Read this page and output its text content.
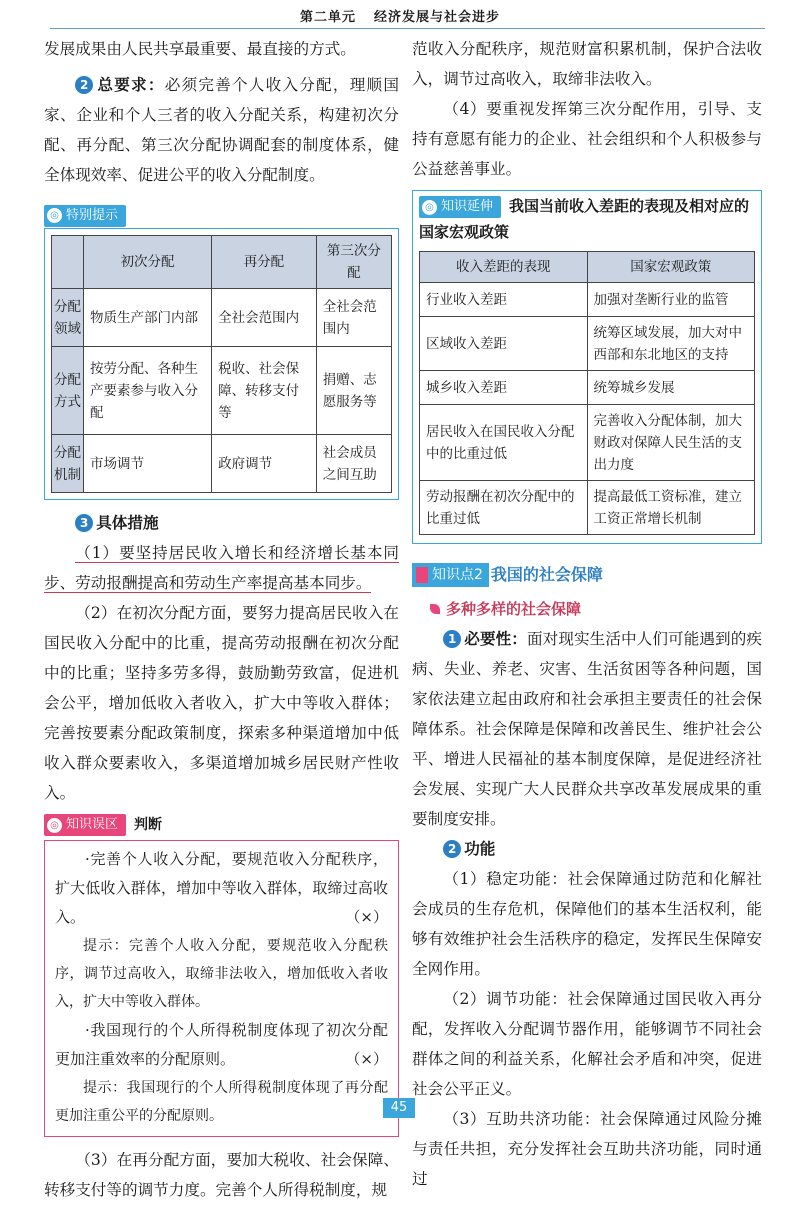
第二单元 经济发展与社会进步

发展成果由人民共享最重要、最直接的方式。

2 总要求：必须完善个人收入分配，理顺国家、企业和个人三者的收入分配关系，构建初次分配、再分配、第三次分配协调配套的制度体系，健全体现效率、促进公平的收入分配制度。

◎ 特别提示
	初次分配	再分配	第三次分配
分配领域	物质生产部门内部	全社会范围内	全社会范围内
分配方式	按劳分配、各种生产要素参与收入分配	税收、社会保障、转移支付等	捐赠、志愿服务等
分配机制	市场调节	政府调节	社会成员之间互助

3 具体措施

（1）要坚持居民收入增长和经济增长基本同步、劳动报酬提高和劳动生产率提高基本同步。

（2）在初次分配方面，要努力提高居民收入在国民收入分配中的比重，提高劳动报酬在初次分配中的比重；坚持多劳多得，鼓励勤劳致富，促进机会公平，增加低收入者收入，扩大中等收入群体；完善按要素分配政策制度，探索多种渠道增加中低收入群众要素收入，多渠道增加城乡居民财产性收入。

◎ 知识误区 判断

·完善个人收入分配，要规范收入分配秩序，扩大低收入群体，增加中等收入群体，取缔过高收入。	（×）

提示：完善个人收入分配，要规范收入分配秩序，调节过高收入，取缔非法收入，增加低收入者收入，扩大中等收入群体。

·我国现行的个人所得税制度体现了初次分配更加注重效率的分配原则。	（×）

提示：我国现行的个人所得税制度体现了再分配更加注重公平的分配原则。

（3）在再分配方面，要加大税收、社会保障、转移支付等的调节力度。完善个人所得税制度，规

范收入分配秩序，规范财富积累机制，保护合法收入，调节过高收入，取缔非法收入。

（4）要重视发挥第三次分配作用，引导、支持有意愿有能力的企业、社会组织和个人积极参与公益慈善事业。

◎ 知识延伸 我国当前收入差距的表现及相对应的国家宏观政策
收入差距的表现	国家宏观政策
行业收入差距	加强对垄断行业的监管
区域收入差距	统筹区域发展，加大对中西部和东北地区的支持
城乡收入差距	统筹城乡发展
居民收入在国民收入分配中的比重过低	完善收入分配体制，加大财政对保障人民生活的支出力度
劳动报酬在初次分配中的比重过低	提高最低工资标准，建立工资正常增长机制
知识点2 我国的社会保障
多种多样的社会保障

1 必要性：面对现实生活中人们可能遇到的疾病、失业、养老、灾害、生活贫困等各种问题，国家依法建立起由政府和社会承担主要责任的社会保障体系。社会保障是保障和改善民生、维护社会公平、增进人民福祉的基本制度保障，是促进经济社会发展、实现广大人民群众共享改革发展成果的重要制度安排。

2 功能

（1）稳定功能：社会保障通过防范和化解社会成员的生存危机，保障他们的基本生活权利，能够有效维护社会生活秩序的稳定，发挥民生保障安全网作用。

（2）调节功能：社会保障通过国民收入再分配，发挥收入分配调节器作用，能够调节不同社会群体之间的利益关系，化解社会矛盾和冲突，促进社会公平正义。

（3）互助共济功能：社会保障通过风险分摊与责任共担，充分发挥社会互助共济功能，同时通过

45
